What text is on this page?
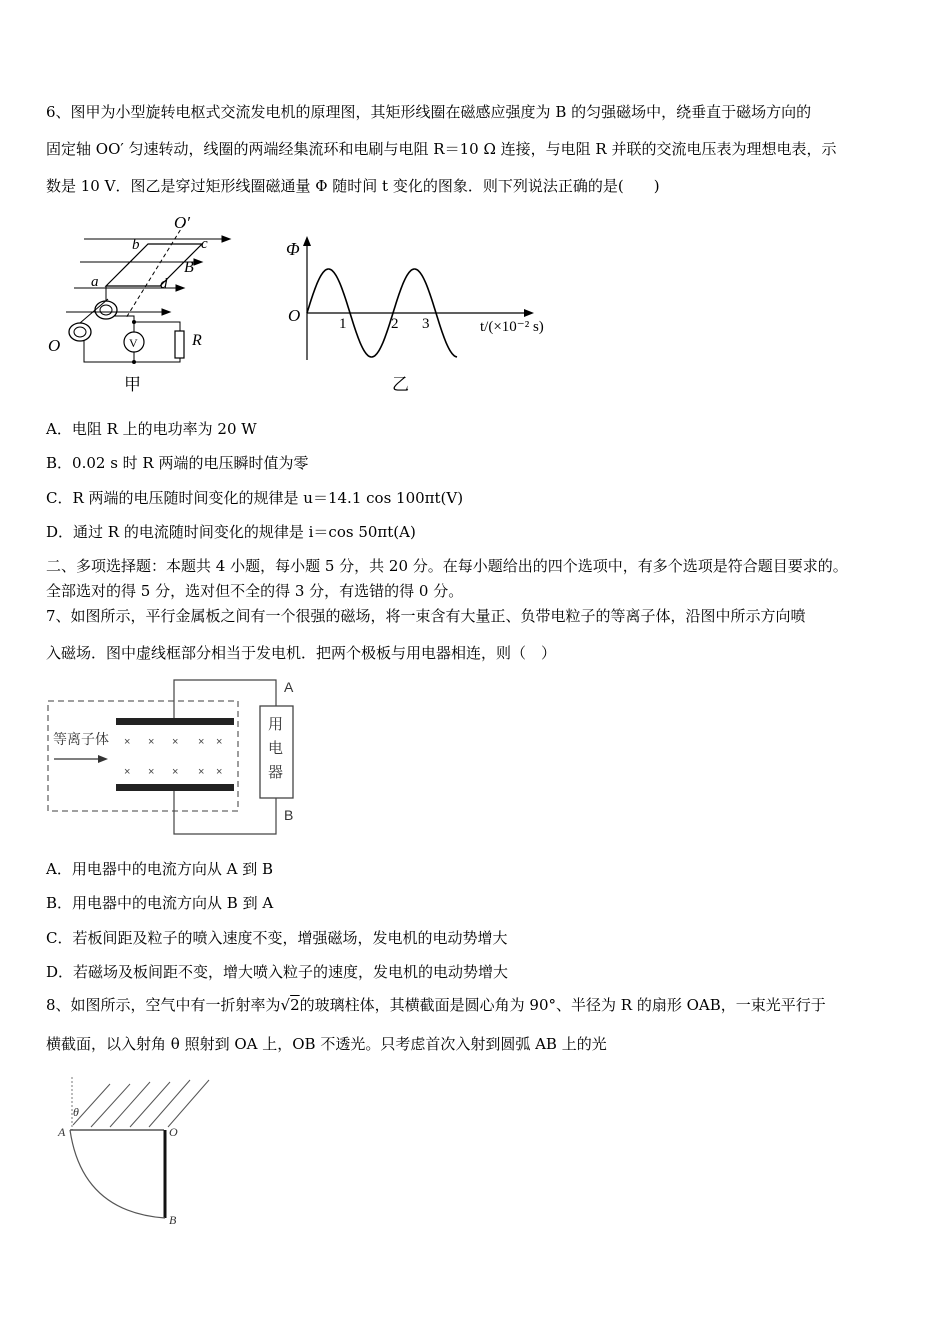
6、图甲为小型旋转电枢式交流发电机的原理图，其矩形线圈在磁感应强度为 B 的匀强磁场中，绕垂直于磁场方向的
固定轴 OO′ 匀速转动，线圈的两端经集流环和电刷与电阻 R＝10 Ω 连接，与电阻 R 并联的交流电压表为理想电表，示
数是 10 V．图乙是穿过矩形线圈磁通量 Φ 随时间 t 变化的图象．则下列说法正确的是(　　)
O′
b	c
B
a	d
O	V	R
甲
Φ
O	1	2 3	t/(×10⁻² s)
乙
A．电阻 R 上的电功率为 20 W
B．0.02 s 时 R 两端的电压瞬时值为零
C．R 两端的电压随时间变化的规律是 u＝14.1 cos 100πt(V)
D．通过 R 的电流随时间变化的规律是 i＝cos 50πt(A)
二、多项选择题：本题共 4 小题，每小题 5 分，共 20 分。在每小题给出的四个选项中，有多个选项是符合题目要求的。
全部选对的得 5 分，选对但不全的得 3 分，有选错的得 0 分。
7、如图所示，平行金属板之间有一个很强的磁场，将一束含有大量正、负带电粒子的等离子体，沿图中所示方向喷
入磁场．图中虚线框部分相当于发电机．把两个极板与用电器相连，则（　）
用
电
器
× × × × ×
× × × × ×
等离子体
A
B
A．用电器中的电流方向从 A 到 B
B．用电器中的电流方向从 B 到 A
C．若板间距及粒子的喷入速度不变，增强磁场，发电机的电动势增大
D．若磁场及板间距不变，增大喷入粒子的速度，发电机的电动势增大
8、如图所示，空气中有一折射率为√2的玻璃柱体，其横截面是圆心角为 90°、半径为 R 的扇形 OAB，一束光平行于
横截面，以入射角 θ 照射到 OA 上，OB 不透光。只考虑首次入射到圆弧 AB 上的光
θ
A	O
B
